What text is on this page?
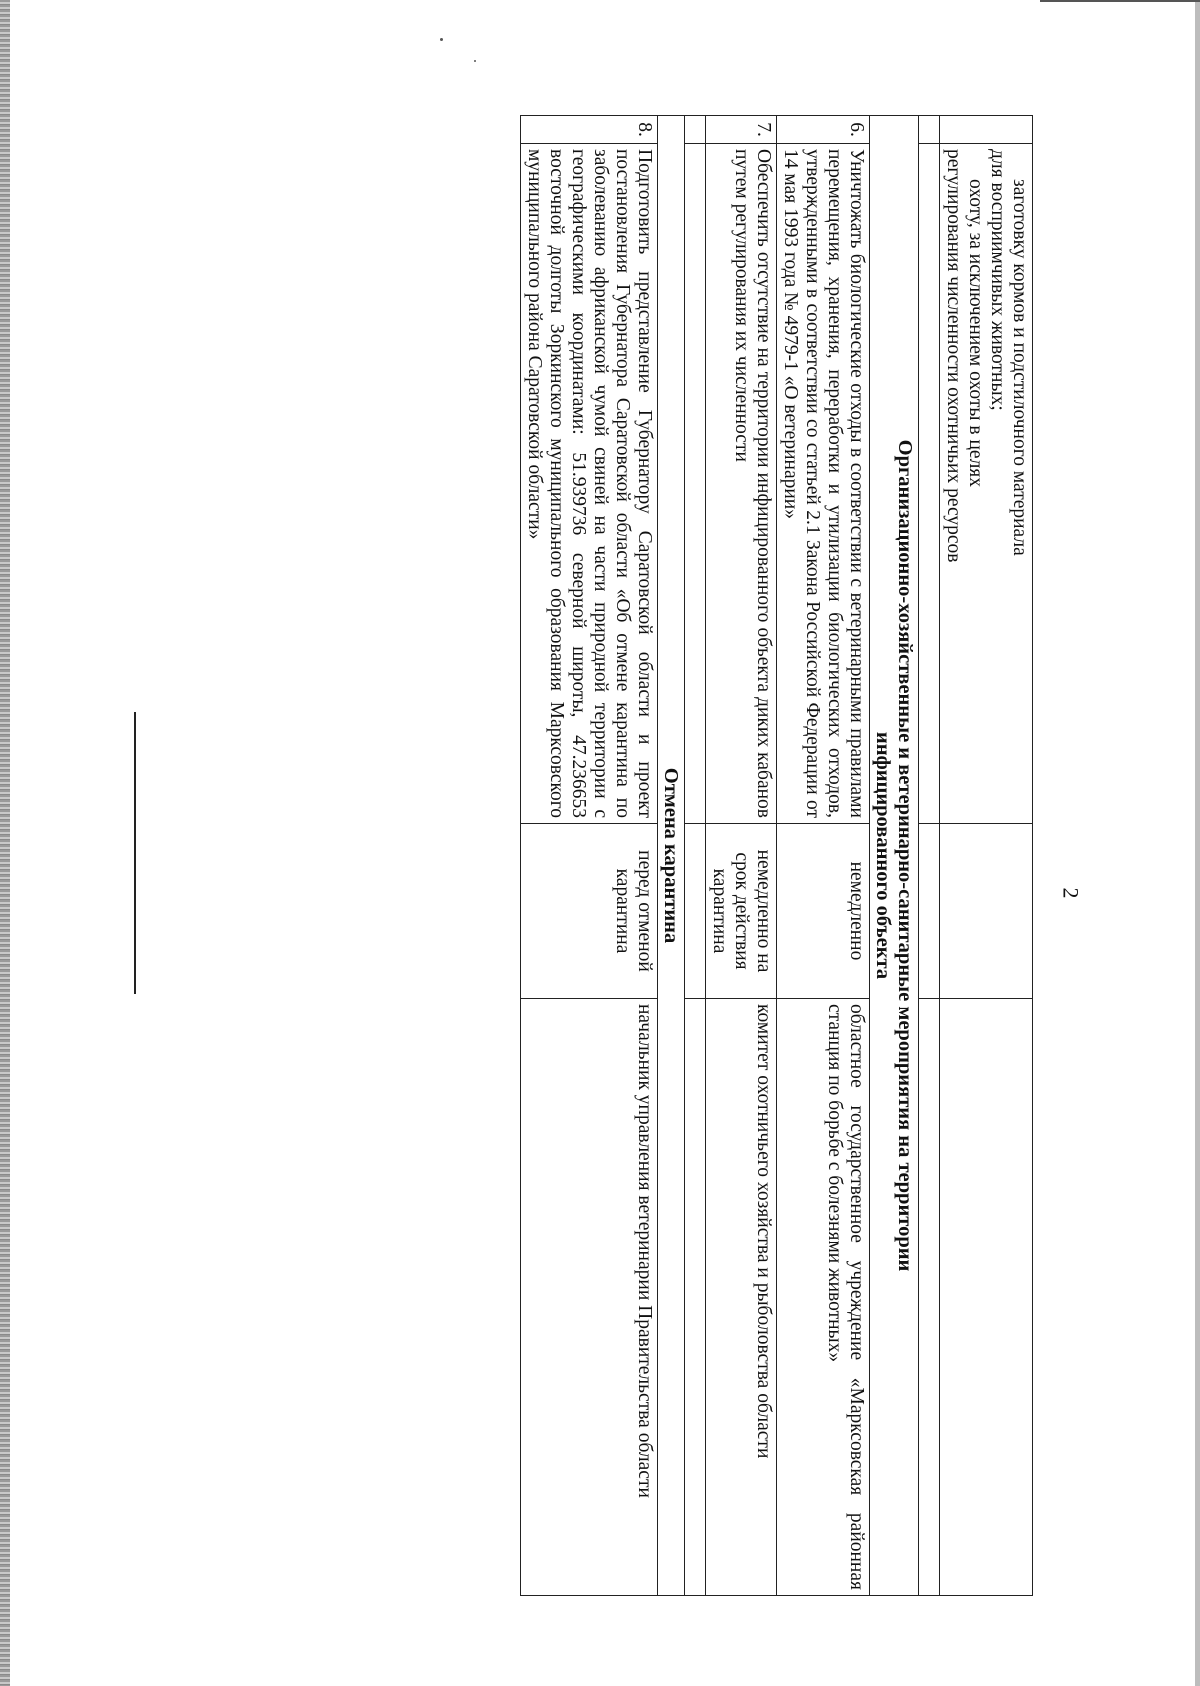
2

	заготовку кормов и подстилочного материала
для восприимчивых животных;
охоту, за исключением охоты в целях
регулирования численности охотничьих ресурсов		

Организационно-хозяйственные и ветеринарно-санитарные мероприятия на территории
инфицированного объекта			

6.	Уничтожать биологические отходы в соответствии с ветеринарными правилами перемещения, хранения, переработки и утилизации биологических отходов, утвержденными в соответствии со статьей 2.1 Закона Российской Федерации от 14 мая 1993 года № 4979-1 «О ветеринарии»	немедленно	областное государственное учреждение «Марксовская районная станция по борьбе с болезнями животных»
7.	Обеспечить отсутствие на территории инфицированного объекта диких кабанов путем регулирования их численности	немедленно на срок действия карантина	комитет охотничьего хозяйства и рыболовства области

Отмена карантина			
8.	Подготовить представление Губернатору Саратовской области и проект постановления Губернатора Саратовской области «Об отмене карантина по заболеванию африканской чумой свиней на части природной территории с географическими координатами: 51.939736 северной широты, 47.236653 восточной долготы Зоркинского муниципального образования Марксовского муниципального района Саратовской области»	перед отменой карантина	начальник управления ветеринарии Правительства области
